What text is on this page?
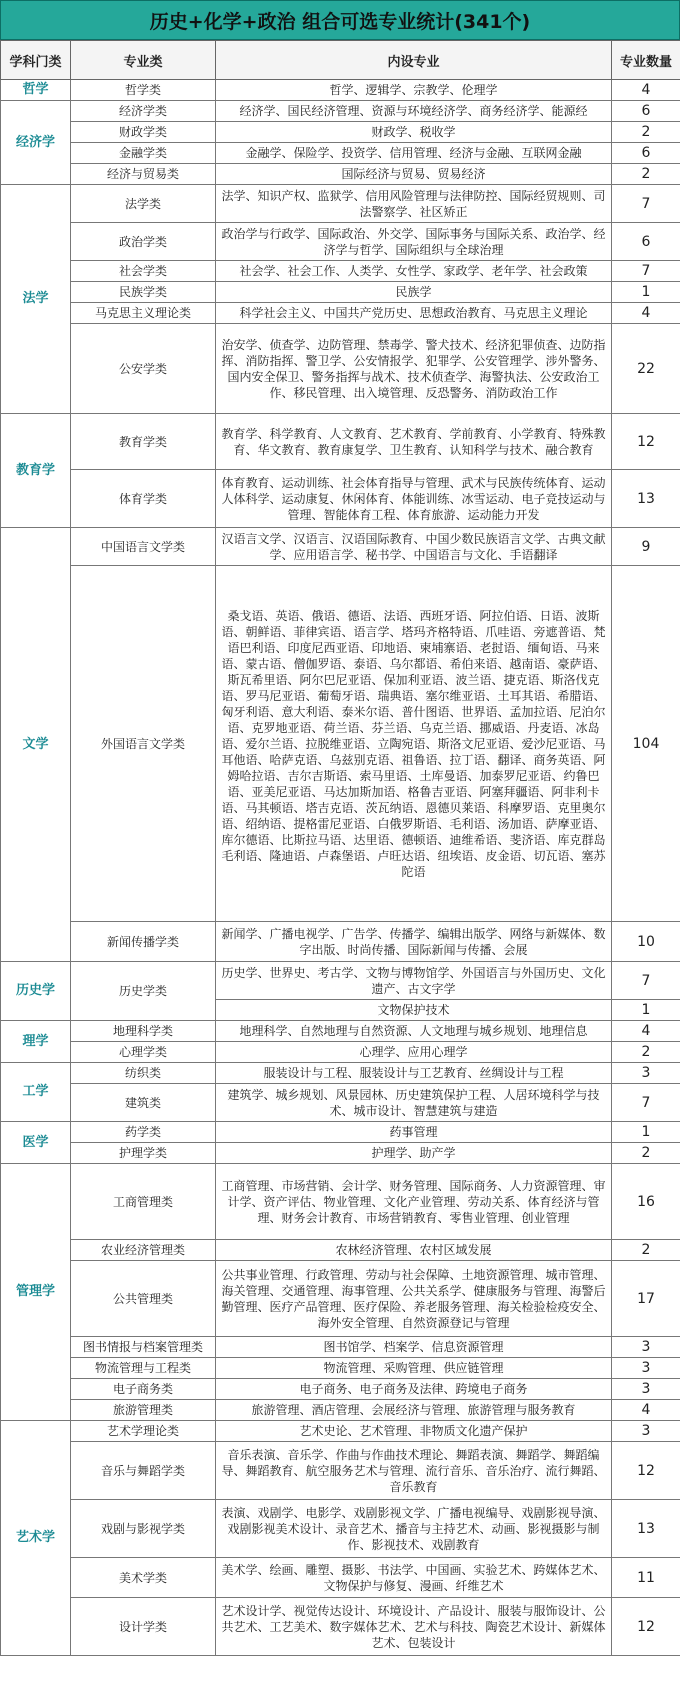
历史+化学+政治 组合可选专业统计(341个)
学科门类	专业类	内设专业	专业数量
哲学	哲学类	哲学、逻辑学、宗教学、伦理学	4
经济学	经济学类	经济学、国民经济管理、资源与环境经济学、商务经济学、能源经	6
	财政学类	财政学、税收学	2
	金融学类	金融学、保险学、投资学、信用管理、经济与金融、互联网金融	6
	经济与贸易类	国际经济与贸易、贸易经济	2
法学	法学类	法学、知识产权、监狱学、信用风险管理与法律防控、国际经贸规则、司法警察学、社区矫正	7
	政治学类	政治学与行政学、国际政治、外交学、国际事务与国际关系、政治学、经济学与哲学、国际组织与全球治理	6
	社会学类	社会学、社会工作、人类学、女性学、家政学、老年学、社会政策	7
	民族学类	民族学	1
	马克思主义理论类	科学社会主义、中国共产党历史、思想政治教育、马克思主义理论	4
	公安学类	治安学、侦查学、边防管理、禁毒学、警犬技术、经济犯罪侦查、边防指挥、消防指挥、警卫学、公安情报学、犯罪学、公安管理学、涉外警务、国内安全保卫、警务指挥与战术、技术侦查学、海警执法、公安政治工作、移民管理、出入境管理、反恐警务、消防政治工作	22
教育学	教育学类	教育学、科学教育、人文教育、艺术教育、学前教育、小学教育、特殊教育、华文教育、教育康复学、卫生教育、认知科学与技术、融合教育	12
	体育学类	体育教育、运动训练、社会体育指导与管理、武术与民族传统体育、运动人体科学、运动康复、休闲体育、体能训练、冰雪运动、电子竞技运动与管理、智能体育工程、体育旅游、运动能力开发	13
文学	中国语言文学类	汉语言文学、汉语言、汉语国际教育、中国少数民族语言文学、古典文献学、应用语言学、秘书学、中国语言与文化、手语翻译	9
	外国语言文学类	桑戈语、英语、俄语、德语、法语、西班牙语、阿拉伯语、日语、波斯语、朝鲜语、菲律宾语、语言学、塔玛齐格特语、爪哇语、旁遮普语、梵语巴利语、印度尼西亚语、印地语、柬埔寨语、老挝语、缅甸语、马来语、蒙古语、僧伽罗语、泰语、乌尔都语、希伯来语、越南语、豪萨语、斯瓦希里语、阿尔巴尼亚语、保加利亚语、波兰语、捷克语、斯洛伐克语、罗马尼亚语、葡萄牙语、瑞典语、塞尔维亚语、土耳其语、希腊语、匈牙利语、意大利语、泰米尔语、普什图语、世界语、孟加拉语、尼泊尔语、克罗地亚语、荷兰语、芬兰语、乌克兰语、挪威语、丹麦语、冰岛语、爱尔兰语、拉脱维亚语、立陶宛语、斯洛文尼亚语、爱沙尼亚语、马耳他语、哈萨克语、乌兹别克语、祖鲁语、拉丁语、翻译、商务英语、阿姆哈拉语、吉尔吉斯语、索马里语、土库曼语、加泰罗尼亚语、约鲁巴语、亚美尼亚语、马达加斯加语、格鲁吉亚语、阿塞拜疆语、阿非利卡语、马其顿语、塔吉克语、茨瓦纳语、恩德贝莱语、科摩罗语、克里奥尔语、绍纳语、提格雷尼亚语、白俄罗斯语、毛利语、汤加语、萨摩亚语、库尔德语、比斯拉马语、达里语、德顿语、迪维希语、斐济语、库克群岛毛利语、隆迪语、卢森堡语、卢旺达语、纽埃语、皮金语、切瓦语、塞苏陀语	104
	新闻传播学类	新闻学、广播电视学、广告学、传播学、编辑出版学、网络与新媒体、数字出版、时尚传播、国际新闻与传播、会展	10
历史学	历史学类	历史学、世界史、考古学、文物与博物馆学、外国语言与外国历史、文化遗产、古文字学	7
		文物保护技术	1
理学	地理科学类	地理科学、自然地理与自然资源、人文地理与城乡规划、地理信息	4
	心理学类	心理学、应用心理学	2
工学	纺织类	服装设计与工程、服装设计与工艺教育、丝绸设计与工程	3
	建筑类	建筑学、城乡规划、风景园林、历史建筑保护工程、人居环境科学与技术、城市设计、智慧建筑与建造	7
医学	药学类	药事管理	1
	护理学类	护理学、助产学	2
管理学	工商管理类	工商管理、市场营销、会计学、财务管理、国际商务、人力资源管理、审计学、资产评估、物业管理、文化产业管理、劳动关系、体育经济与管理、财务会计教育、市场营销教育、零售业管理、创业管理	16
	农业经济管理类	农林经济管理、农村区域发展	2
	公共管理类	公共事业管理、行政管理、劳动与社会保障、土地资源管理、城市管理、海关管理、交通管理、海事管理、公共关系学、健康服务与管理、海警后勤管理、医疗产品管理、医疗保险、养老服务管理、海关检验检疫安全、海外安全管理、自然资源登记与管理	17
	图书情报与档案管理类	图书馆学、档案学、信息资源管理	3
	物流管理与工程类	物流管理、采购管理、供应链管理	3
	电子商务类	电子商务、电子商务及法律、跨境电子商务	3
	旅游管理类	旅游管理、酒店管理、会展经济与管理、旅游管理与服务教育	4
艺术学	艺术学理论类	艺术史论、艺术管理、非物质文化遗产保护	3
	音乐与舞蹈学类	音乐表演、音乐学、作曲与作曲技术理论、舞蹈表演、舞蹈学、舞蹈编导、舞蹈教育、航空服务艺术与管理、流行音乐、音乐治疗、流行舞蹈、音乐教育	12
	戏剧与影视学类	表演、戏剧学、电影学、戏剧影视文学、广播电视编导、戏剧影视导演、戏剧影视美术设计、录音艺术、播音与主持艺术、动画、影视摄影与制作、影视技术、戏剧教育	13
	美术学类	美术学、绘画、雕塑、摄影、书法学、中国画、实验艺术、跨媒体艺术、文物保护与修复、漫画、纤维艺术	11
	设计学类	艺术设计学、视觉传达设计、环境设计、产品设计、服装与服饰设计、公共艺术、工艺美术、数字媒体艺术、艺术与科技、陶瓷艺术设计、新媒体艺术、包装设计	12
